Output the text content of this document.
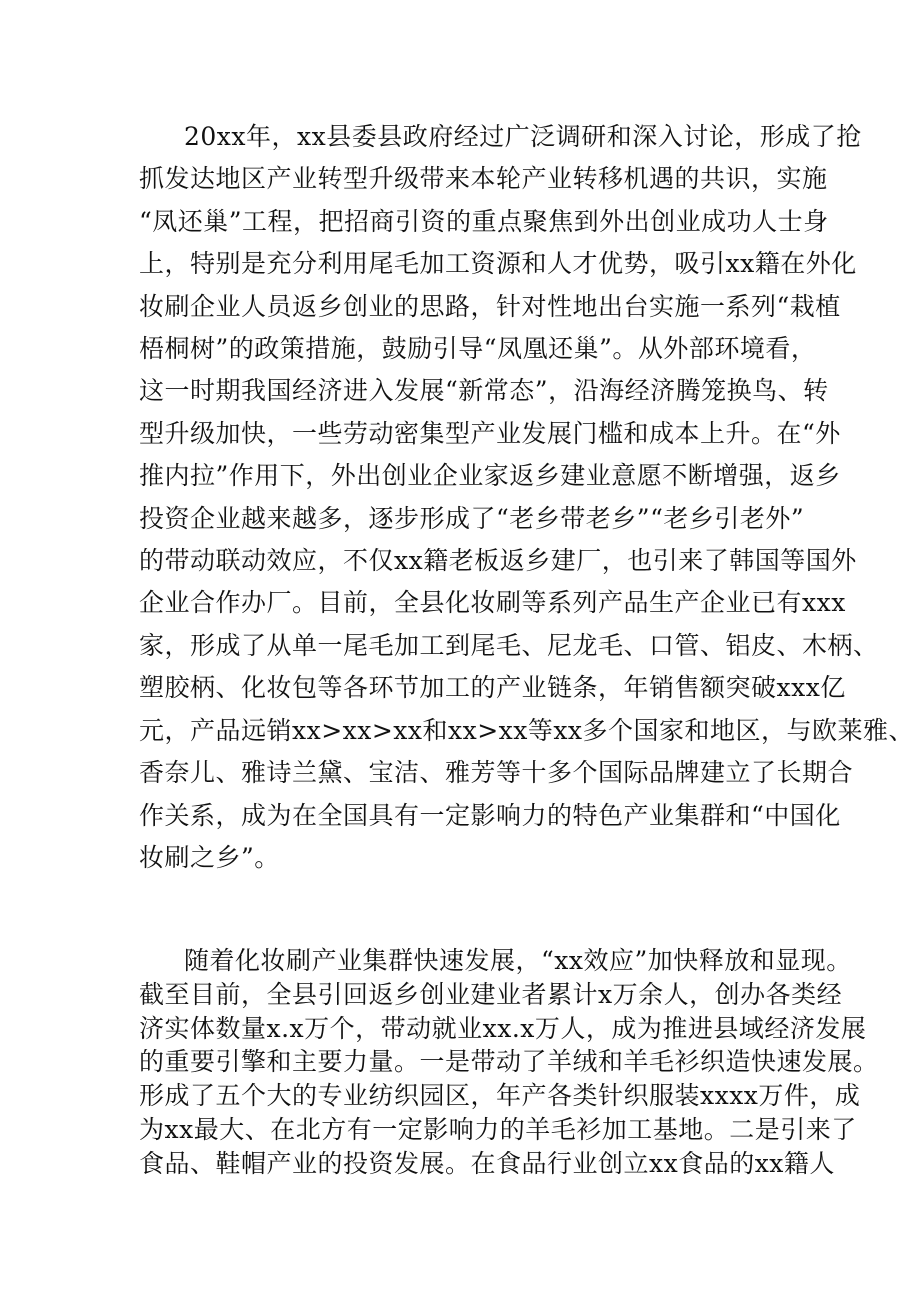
20xx年，xx县委县政府经过广泛调研和深入讨论，形成了抢
抓发达地区产业转型升级带来本轮产业转移机遇的共识，实施
“凤还巢”工程，把招商引资的重点聚焦到外出创业成功人士身
上，特别是充分利用尾毛加工资源和人才优势，吸引xx籍在外化
妆刷企业人员返乡创业的思路，针对性地出台实施一系列“栽植
梧桐树”的政策措施，鼓励引导“凤凰还巢”。从外部环境看，
这一时期我国经济进入发展“新常态”，沿海经济腾笼换鸟、转
型升级加快，一些劳动密集型产业发展门槛和成本上升。在“外
推内拉”作用下，外出创业企业家返乡建业意愿不断增强，返乡
投资企业越来越多，逐步形成了“老乡带老乡”“老乡引老外”
的带动联动效应，不仅xx籍老板返乡建厂，也引来了韩国等国外
企业合作办厂。目前，全县化妆刷等系列产品生产企业已有xxx
家，形成了从单一尾毛加工到尾毛、尼龙毛、口管、铝皮、木柄、
塑胶柄、化妆包等各环节加工的产业链条，年销售额突破xxx亿
元，产品远销xx>xx>xx和xx>xx等xx多个国家和地区，与欧莱雅、
香奈儿、雅诗兰黛、宝洁、雅芳等十多个国际品牌建立了长期合
作关系，成为在全国具有一定影响力的特色产业集群和“中国化
妆刷之乡”。
随着化妆刷产业集群快速发展，“xx效应”加快释放和显现。
截至目前，全县引回返乡创业建业者累计x万余人，创办各类经
济实体数量x.x万个，带动就业xx.x万人，成为推进县域经济发展
的重要引擎和主要力量。一是带动了羊绒和羊毛衫织造快速发展。
形成了五个大的专业纺织园区，年产各类针织服装xxxx万件，成
为xx最大、在北方有一定影响力的羊毛衫加工基地。二是引来了
食品、鞋帽产业的投资发展。在食品行业创立xx食品的xx籍人
